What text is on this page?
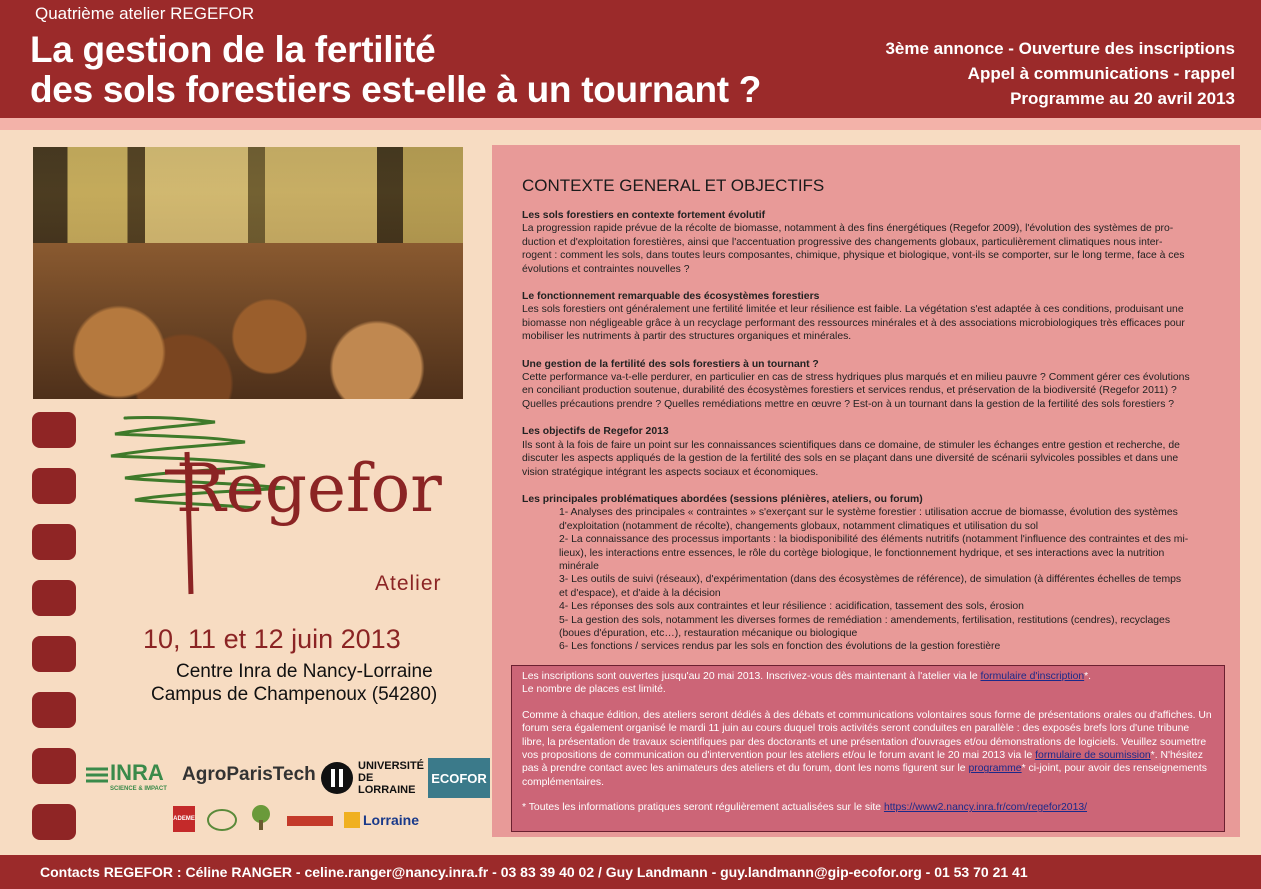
Quatrième atelier REGEFOR
La gestion de la fertilité
des sols forestiers est-elle à un tournant ?
3ème annonce - Ouverture des inscriptions
Appel à communications - rappel
Programme au 20 avril 2013
Regefor
Atelier
10, 11 et 12 juin 2013
Centre Inra de Nancy-Lorraine
Campus de Champenoux (54280)
INRA
SCIENCE & IMPACT
AgroParisTech	UNIVERSITÉ DE LORRAINE
ECOFOR
ADEME	Lorraine
CONTEXTE GENERAL ET OBJECTIFS
Les sols forestiers en contexte fortement évolutif
La progression rapide prévue de la récolte de biomasse, notamment à des fins énergétiques (Regefor 2009), l'évolution des systèmes de pro-
duction et d'exploitation forestières, ainsi que l'accentuation progressive des changements globaux, particulièrement climatiques nous inter-
rogent : comment les sols, dans toutes leurs composantes, chimique, physique et biologique, vont-ils se comporter, sur le long terme, face à ces
évolutions et contraintes nouvelles ?
Le fonctionnement remarquable des écosystèmes forestiers
Les sols forestiers ont généralement une fertilité limitée et leur résilience est faible. La végétation s'est adaptée à ces conditions, produisant une
biomasse non négligeable grâce à un recyclage performant des ressources minérales et à des associations microbiologiques très efficaces pour
mobiliser les nutriments à partir des structures organiques et minérales.
Une gestion de la fertilité des sols forestiers à un tournant ?
Cette performance va-t-elle perdurer, en particulier en cas de stress hydriques plus marqués et en milieu pauvre ? Comment gérer ces évolutions
en conciliant production soutenue, durabilité des écosystèmes forestiers et services rendus, et préservation de la biodiversité (Regefor 2011) ?
Quelles précautions prendre ? Quelles remédiations mettre en œuvre ? Est-on à un tournant dans la gestion de la fertilité des sols forestiers ?
Les objectifs de Regefor 2013
Ils sont à la fois de faire un point sur les connaissances scientifiques dans ce domaine, de stimuler les échanges entre gestion et recherche, de
discuter les aspects appliqués de la gestion de la fertilité des sols en se plaçant dans une diversité de scénarii sylvicoles possibles et dans une
vision stratégique intégrant les aspects sociaux et économiques.
Les principales problématiques abordées (sessions plénières, ateliers, ou forum)
1- Analyses des principales « contraintes » s'exerçant sur le système forestier : utilisation accrue de biomasse, évolution des systèmes
d'exploitation (notamment de récolte), changements globaux, notamment climatiques et utilisation du sol
2- La connaissance des processus importants : la biodisponibilité des éléments nutritifs (notamment l'influence des contraintes et des mi-
lieux), les interactions entre essences, le rôle du cortège biologique, le fonctionnement hydrique, et ses interactions avec la nutrition minérale
3- Les outils de suivi (réseaux), d'expérimentation (dans des écosystèmes de référence), de simulation (à différentes échelles de temps
et d'espace), et d'aide à la décision
4- Les réponses des sols aux contraintes et leur résilience : acidification, tassement des sols, érosion
5- La gestion des sols, notamment les diverses formes de remédiation : amendements, fertilisation, restitutions (cendres), recyclages
(boues d'épuration, etc…), restauration mécanique ou biologique
6- Les fonctions / services rendus par les sols en fonction des évolutions de la gestion forestière

Les inscriptions sont ouvertes jusqu'au 20 mai 2013. Inscrivez-vous dès maintenant à l'atelier via le formulaire d'inscription*.
Le nombre de places est limité.

Comme à chaque édition, des ateliers seront dédiés à des débats et communications volontaires sous forme de présentations orales ou d'affiches. Un forum sera également organisé le mardi 11 juin au cours duquel trois activités seront conduites en parallèle : des exposés brefs lors d'une tribune libre, la présentation de travaux scientifiques par des doctorants et une présentation d'ouvrages et/ou démonstrations de logiciels. Veuillez soumettre vos propositions de communication ou d'intervention pour les ateliers et/ou le forum avant le 20 mai 2013 via le formulaire de soumission*. N'hésitez pas à prendre contact avec les animateurs des ateliers et du forum, dont les noms figurent sur le programme* ci-joint, pour avoir des renseignements complémentaires.

* Toutes les informations pratiques seront régulièrement actualisées sur le site https://www2.nancy.inra.fr/com/regefor2013/

Contacts REGEFOR : Céline RANGER - celine.ranger@nancy.inra.fr - 03 83 39 40 02 / Guy Landmann - guy.landmann@gip-ecofor.org - 01 53 70 21 41
